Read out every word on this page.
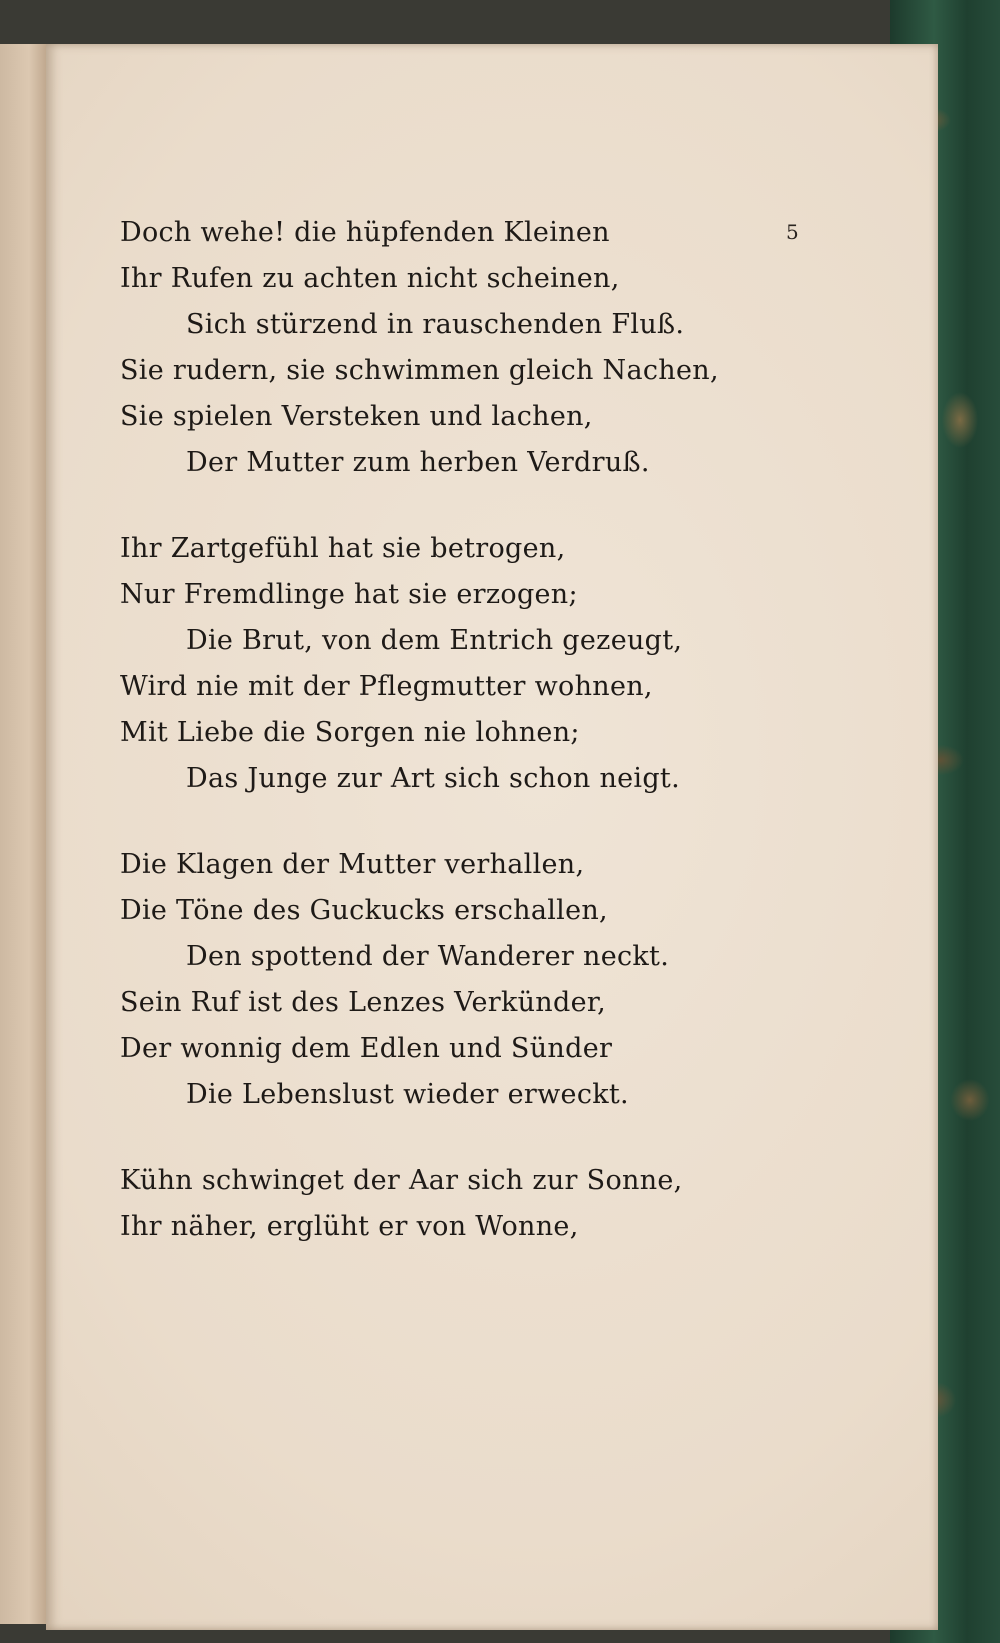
5
Doch wehe! die hüpfenden Kleinen
Ihr Rufen zu achten nicht scheinen,
Sich stürzend in rauschenden Fluß.
Sie rudern, sie schwimmen gleich Nachen,
Sie spielen Versteken und lachen,
Der Mutter zum herben Verdruß.
Ihr Zartgefühl hat sie betrogen,
Nur Fremdlinge hat sie erzogen;
Die Brut, von dem Entrich gezeugt,
Wird nie mit der Pflegmutter wohnen,
Mit Liebe die Sorgen nie lohnen;
Das Junge zur Art sich schon neigt.
Die Klagen der Mutter verhallen,
Die Töne des Guckucks erschallen,
Den spottend der Wanderer neckt.
Sein Ruf ist des Lenzes Verkünder,
Der wonnig dem Edlen und Sünder
Die Lebenslust wieder erweckt.
Kühn schwinget der Aar sich zur Sonne,
Ihr näher, erglüht er von Wonne,
